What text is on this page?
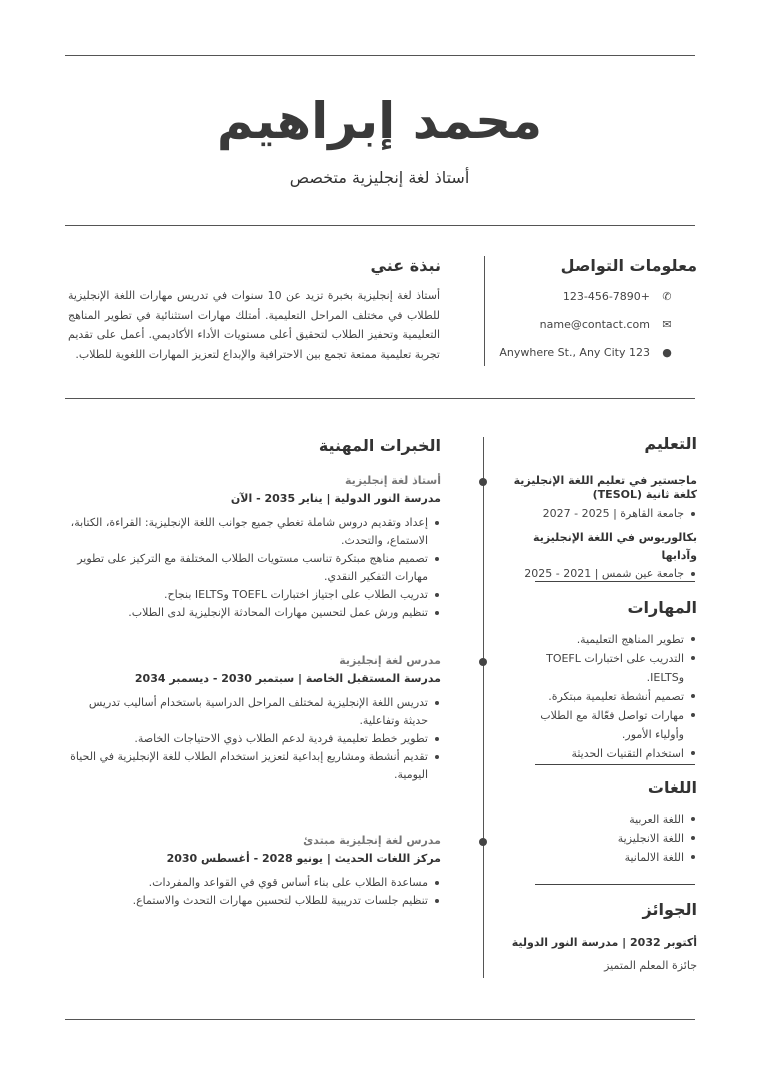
محمد إبراهيم
أستاذ لغة إنجليزية متخصص
معلومات التواصل
✆
123-456-7890+
✉
name@contact.com
●
Anywhere St., Any City 123
نبذة عني
أستاذ لغة إنجليزية بخبرة تزيد عن 10 سنوات في تدريس مهارات اللغة الإنجليزية للطلاب في مختلف المراحل التعليمية. أمتلك مهارات استثنائية في تطوير المناهج التعليمية وتحفيز الطلاب لتحقيق أعلى مستويات الأداء الأكاديمي. أعمل على تقديم تجربة تعليمية ممتعة تجمع بين الاحترافية والإبداع لتعزيز المهارات اللغوية للطلاب.
التعليم
ماجستير في تعليم اللغة الإنجليزية كلغة ثانية (TESOL)
جامعة القاهرة | 2025 - 2027
بكالوريوس في اللغة الإنجليزية وآدابها
جامعة عين شمس | 2021 - 2025
المهارات
تطوير المناهج التعليمية.
التدريب على اختبارات TOEFL وIELTS.
تصميم أنشطة تعليمية مبتكرة.
مهارات تواصل فعّالة مع الطلاب وأولياء الأمور.
استخدام التقنيات الحديثة
اللغات
اللغة العربية
اللغة الانجليزية
اللغة الالمانية
الجوائز
أكتوبر 2032 | مدرسة النور الدولية
جائزة المعلم المتميز
الخبرات المهنية
أستاذ لغة إنجليزية
مدرسة النور الدولية | يناير 2035 - الآن
إعداد وتقديم دروس شاملة تغطي جميع جوانب اللغة الإنجليزية: القراءة، الكتابة، الاستماع، والتحدث.
تصميم مناهج مبتكرة تناسب مستويات الطلاب المختلفة مع التركيز على تطوير مهارات التفكير النقدي.
تدريب الطلاب على اجتياز اختبارات TOEFL وIELTS بنجاح.
تنظيم ورش عمل لتحسين مهارات المحادثة الإنجليزية لدى الطلاب.
مدرس لغة إنجليزية
مدرسة المستقبل الخاصة | سبتمبر 2030 - ديسمبر 2034
تدريس اللغة الإنجليزية لمختلف المراحل الدراسية باستخدام أساليب تدريس حديثة وتفاعلية.
تطوير خطط تعليمية فردية لدعم الطلاب ذوي الاحتياجات الخاصة.
تقديم أنشطة ومشاريع إبداعية لتعزيز استخدام الطلاب للغة الإنجليزية في الحياة اليومية.
مدرس لغة إنجليزية مبتدئ
مركز اللغات الحديث | يونيو 2028 - أغسطس 2030
مساعدة الطلاب على بناء أساس قوي في القواعد والمفردات.
تنظيم جلسات تدريبية للطلاب لتحسين مهارات التحدث والاستماع.
